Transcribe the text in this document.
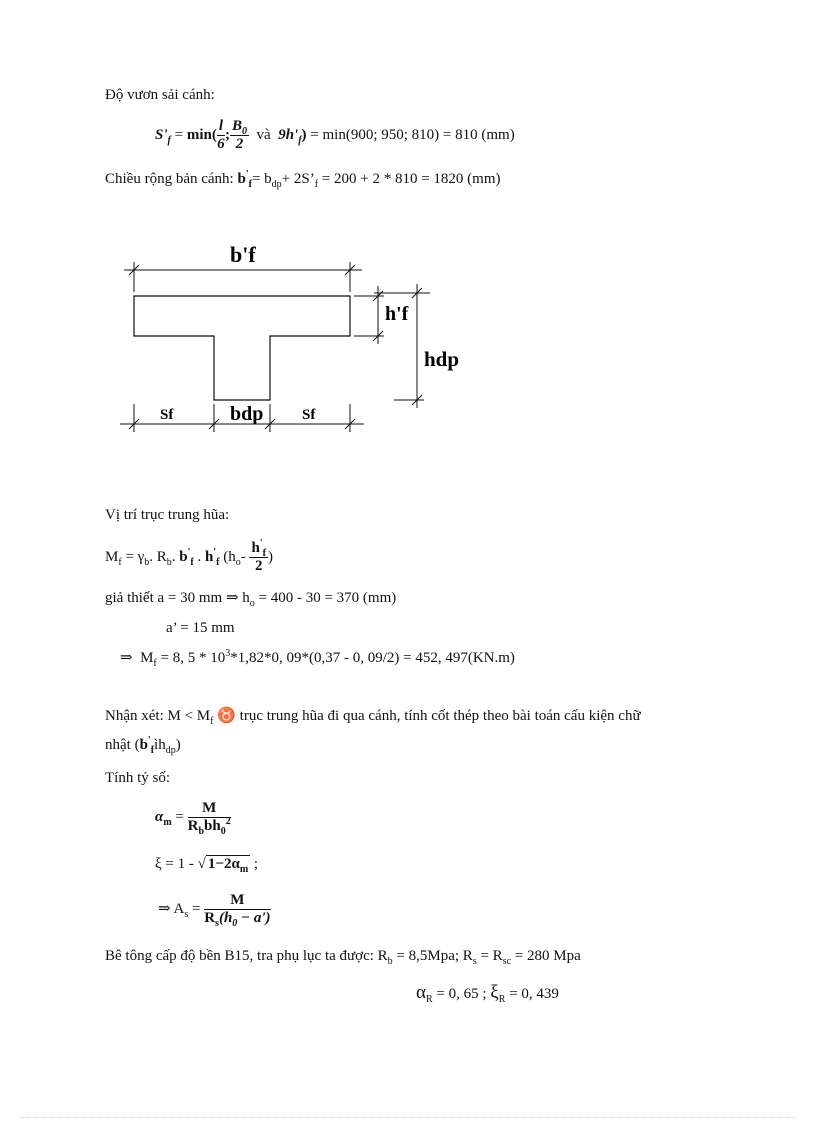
Độ vươn sải cánh:
$S'_f = \min( \frac{l}{6}$ ; $\frac{B_0}{2}$ và $9h'_f) = \min(900$; 950; 810) = 810 (mm)
Chiều rộng bản cánh: $b'_f= b_{dp}+$ $2S’_f = 200 + 2 * 810 = 1820$ (mm)
b'f
h'f
hdp
Sf	bdp	Sf
Vị trí trục trung hũa:
$M_f = \gamma_b$. $R_b$. $b'_f$ . $h'_f$ ($h_o- \frac{h'_f}{2}$ )
giả thiết a = 30 mm ⇒ $h_o = 400 - 30 = 370$ (mm)
a’ = 15 mm
⇒ $M_f = 8$, $5 * 10^3*1,82*0$, 09*(0,37 - 0, 09/2) = 452, 497(KN.m)
Nhận xét: $M < M_f$ ♉ trục trung hũa đi qua cánh, tính cốt thép theo bài toán cấu kiện chữ
nhật $(b'_fìh_{dp})$
Tính tỷ số:
$\alpha_m = \frac{M}{R_bbh_0^2}$
ξ = 1 - √ $1-2\alpha_m$ ;
⇒ $A_s = \frac{M}{R_s(h_0 - a')}$
Bê tông cấp độ bền B15, tra phụ lục ta được: $R_b = 8,5Mpa$; $R_s = R_{sc} = 280$ Mpa
$\alpha_R = 0$, 65 ; $\xi_R = 0$, 439
